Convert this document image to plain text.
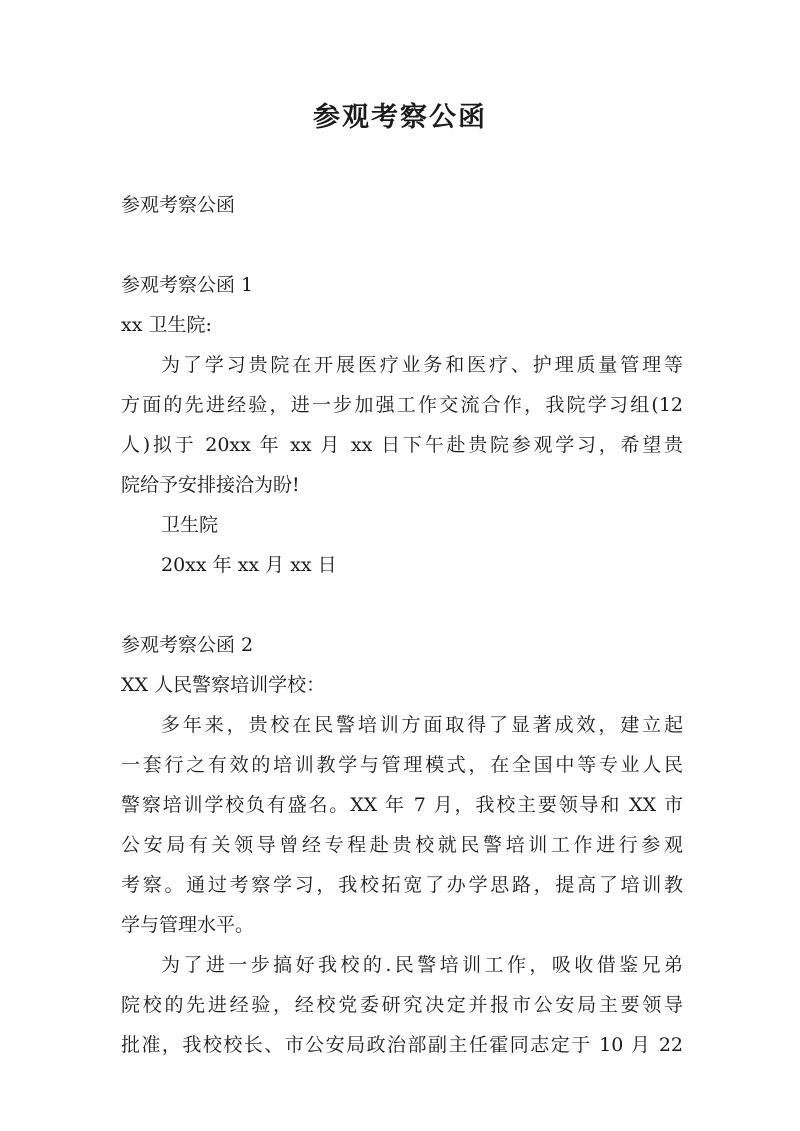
参观考察公函
参观考察公函
参观考察公函 1
xx 卫生院:
为了学习贵院在开展医疗业务和医疗、护理质量管理等
方面的先进经验，进一步加强工作交流合作，我院学习组(12
人)拟于 20xx 年 xx 月 xx 日下午赴贵院参观学习，希望贵
院给予安排接洽为盼!
卫生院
20xx 年 xx 月 xx 日
参观考察公函 2
XX 人民警察培训学校：
多年来，贵校在民警培训方面取得了显著成效，建立起
一套行之有效的培训教学与管理模式，在全国中等专业人民
警察培训学校负有盛名。XX 年 7 月，我校主要领导和 XX 市
公安局有关领导曾经专程赴贵校就民警培训工作进行参观
考察。通过考察学习，我校拓宽了办学思路，提高了培训教
学与管理水平。
为了进一步搞好我校的.民警培训工作，吸收借鉴兄弟
院校的先进经验，经校党委研究决定并报市公安局主要领导
批准，我校校长、市公安局政治部副主任霍同志定于 10 月 22
